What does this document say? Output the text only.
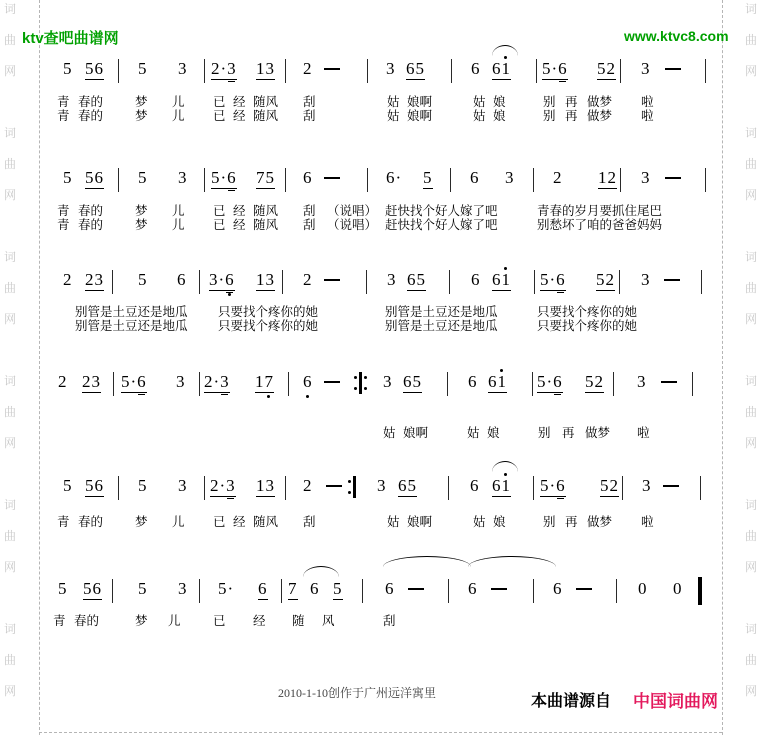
ktv查吧曲谱网	www.ktvc8.com
5 56 5 3 2·3 13 2	3 65	6 61 5·6 52 3
青 春的	梦 儿 已 经 随风 刮	姑 娘啊	姑 娘	别 再 做梦 啦
青 春的	梦 儿 已 经 随风 刮	姑 娘啊	姑 娘	别 再 做梦 啦
5 56 5 3 5·6 75 6	6· 5 6 3 2 12 3
青 春的	梦 儿 已 经 随风 刮 （说唱） 赶快找个好人嫁了吧	青春的岁月要抓住尾巴
青 春的	梦 儿 已 经 随风 刮 （说唱） 赶快找个好人嫁了吧	别愁坏了咱的爸爸妈妈
2 23 5 6 3·6 13 2	3 65	6 61 5·6 52 3
别管是土豆还是地瓜 只要找个疼你的她	别管是土豆还是地瓜	只要找个疼你的她
别管是土豆还是地瓜 只要找个疼你的她	别管是土豆还是地瓜	只要找个疼你的她
2 23 5·6 3 2·3 17 6	3 65	6 61 5·6 52 3
姑 娘啊	姑 娘	别 再 做梦 啦
5 56 5 3 2·3 13 2	3 65	6 61 5·6 52 3
青 春的	梦 儿 已 经 随风 刮	姑 娘啊	姑 娘	别 再 做梦 啦
5 56 5 3 5· 6 7 6 5	6	6	6	0 0
青 春的	梦 儿	已 经 随 风	刮
2010-1-10创作于广州远洋寓里	本曲谱源自 中国词曲网
词	词
曲	曲
网	网
词	词
曲	曲
网	网
词	词
曲	曲
网	网
词	词
曲	曲
网	网
词	词
曲	曲
网	网
词	词
曲	曲
网	网
